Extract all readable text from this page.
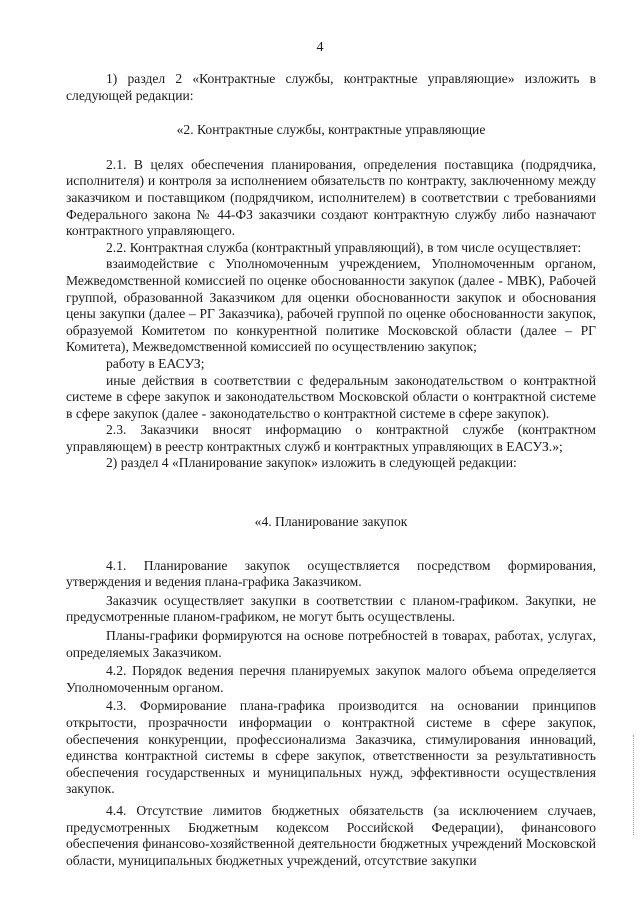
4

1) раздел 2 «Контрактные службы, контрактные управляющие» изложить в следующей редакции:

«2. Контрактные службы, контрактные управляющие

2.1. В целях обеспечения планирования, определения поставщика (подрядчика, исполнителя) и контроля за исполнением обязательств по контракту, заключенному между заказчиком и поставщиком (подрядчиком, исполнителем) в соответствии с требованиями Федерального закона № 44-ФЗ заказчики создают контрактную службу либо назначают контрактного управляющего.

2.2. Контрактная служба (контрактный управляющий), в том числе осуществляет:

взаимодействие с Уполномоченным учреждением, Уполномоченным органом, Межведомственной комиссией по оценке обоснованности закупок (далее - МВК), Рабочей группой, образованной Заказчиком для оценки обоснованности закупок и обоснования цены закупки (далее – РГ Заказчика), рабочей группой по оценке обоснованности закупок, образуемой Комитетом по конкурентной политике Московской области (далее – РГ Комитета), Межведомственной комиссией по осуществлению закупок;

работу в ЕАСУЗ;

иные действия в соответствии с федеральным законодательством о контрактной системе в сфере закупок и законодательством Московской области о контрактной системе в сфере закупок (далее - законодательство о контрактной системе в сфере закупок).

2.3. Заказчики вносят информацию о контрактной службе (контрактном управляющем) в реестр контрактных служб и контрактных управляющих в ЕАСУЗ.»;

2) раздел 4 «Планирование закупок» изложить в следующей редакции:

«4. Планирование закупок

4.1. Планирование закупок осуществляется посредством формирования, утверждения и ведения плана-графика Заказчиком.

Заказчик осуществляет закупки в соответствии с планом-графиком. Закупки, не предусмотренные планом-графиком, не могут быть осуществлены.

Планы-графики формируются на основе потребностей в товарах, работах, услугах, определяемых Заказчиком.

4.2. Порядок ведения перечня планируемых закупок малого объема определяется Уполномоченным органом.

4.3. Формирование плана-графика производится на основании принципов открытости, прозрачности информации о контрактной системе в сфере закупок, обеспечения конкуренции, профессионализма Заказчика, стимулирования инноваций, единства контрактной системы в сфере закупок, ответственности за результативность обеспечения государственных и муниципальных нужд, эффективности осуществления закупок.

4.4. Отсутствие лимитов бюджетных обязательств (за исключением случаев, предусмотренных Бюджетным кодексом Российской Федерации), финансового обеспечения финансово-хозяйственной деятельности бюджетных учреждений Московской области, муниципальных бюджетных учреждений, отсутствие закупки
